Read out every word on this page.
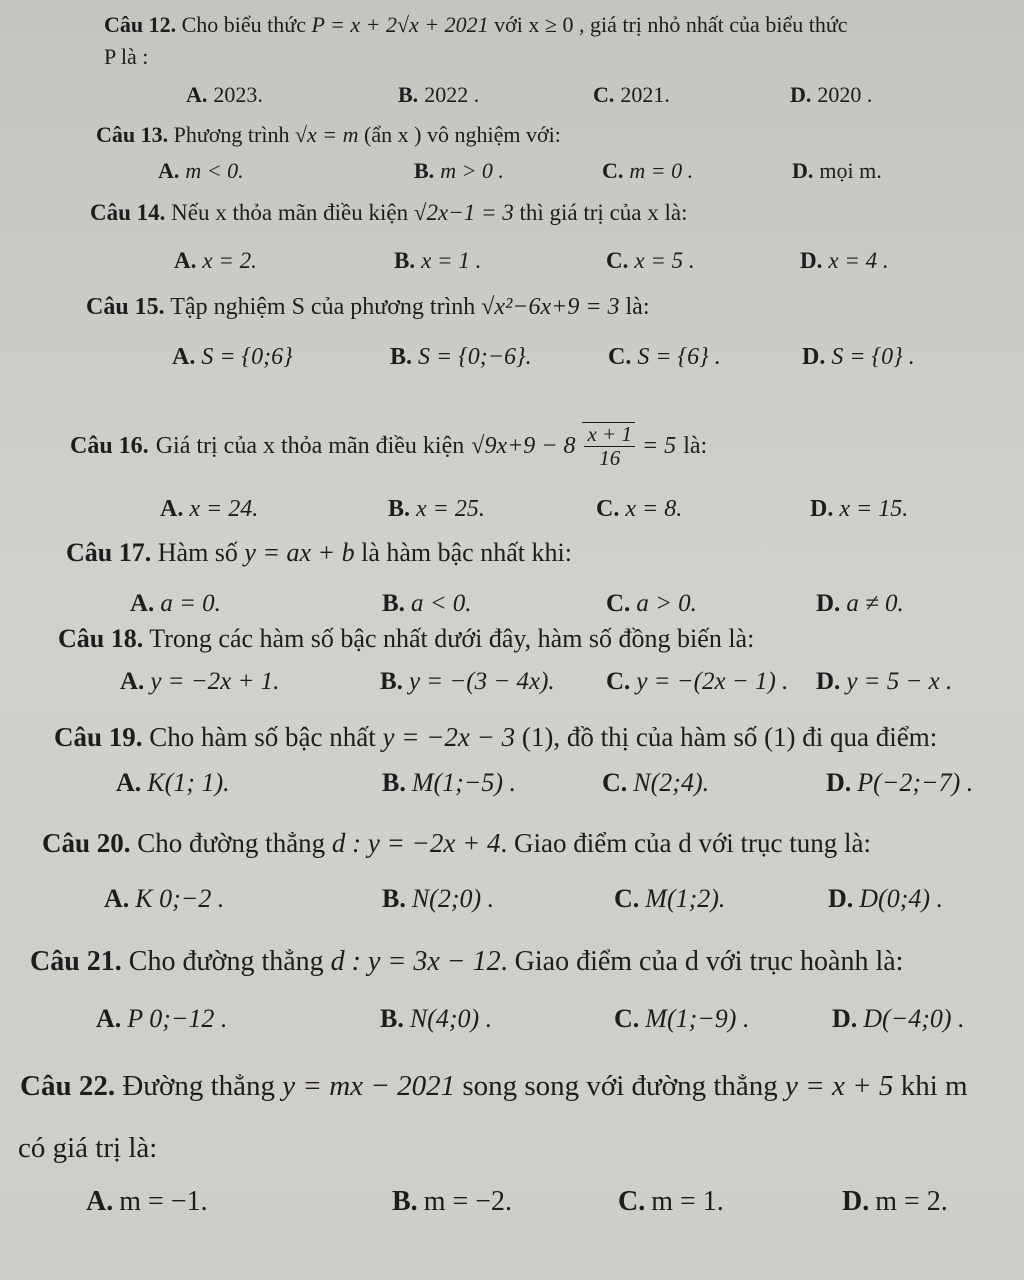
Câu 12. Cho biểu thức P = x + 2√x + 2021 với x ≥ 0 , giá trị nhỏ nhất của biểu thức
P là :
A. 2023.	B. 2022 .	C. 2021.	D. 2020 .
Câu 13. Phương trình √x = m (ẩn x ) vô nghiệm với:
A. m < 0.	B. m > 0 .	C. m = 0 .	D. mọi m.
Câu 14. Nếu x thỏa mãn điều kiện √2x−1 = 3 thì giá trị của x là:
A. x = 2.	B. x = 1 .	C. x = 5 .	D. x = 4 .
Câu 15. Tập nghiệm S của phương trình √x²−6x+9 = 3 là:
A. S = {0;6}	B. S = {0;−6}.	C. S = {6} .	D. S = {0} .
Câu 16. Giá trị của x thỏa mãn điều kiện $√9x+9 - 8 \frac{x + 1}{16} = 5$ là:
A. x = 24.	B. x = 25.	C. x = 8.	D. x = 15.
Câu 17. Hàm số y = ax + b là hàm bậc nhất khi:
A. a = 0.	B. a < 0.	C. a > 0.	D. a ≠ 0.
Câu 18. Trong các hàm số bậc nhất dưới đây, hàm số đồng biến là:
A. y = −2x + 1.	B. y = −(3 − 4x). C. y = −(2x − 1) . D. y = 5 − x .
Câu 19. Cho hàm số bậc nhất y = −2x − 3 (1), đồ thị của hàm số (1) đi qua điểm:
A. K(1; 1).	B. M(1;−5) .	C. N(2;4).	D. P(−2;−7) .
Câu 20. Cho đường thẳng d : y = −2x + 4. Giao điểm của d với trục tung là:
A. K 0;−2 .	B. N(2;0) .	C. M(1;2).	D. D(0;4) .
Câu 21. Cho đường thẳng d : y = 3x − 12. Giao điểm của d với trục hoành là:
A. P 0;−12 .	B. N(4;0) .	C. M(1;−9) .	D. D(−4;0) .
Câu 22. Đường thẳng y = mx − 2021 song song với đường thẳng y = x + 5 khi m
có giá trị là:
A. m = −1.	B. m = −2.	C. m = 1.	D. m = 2.
